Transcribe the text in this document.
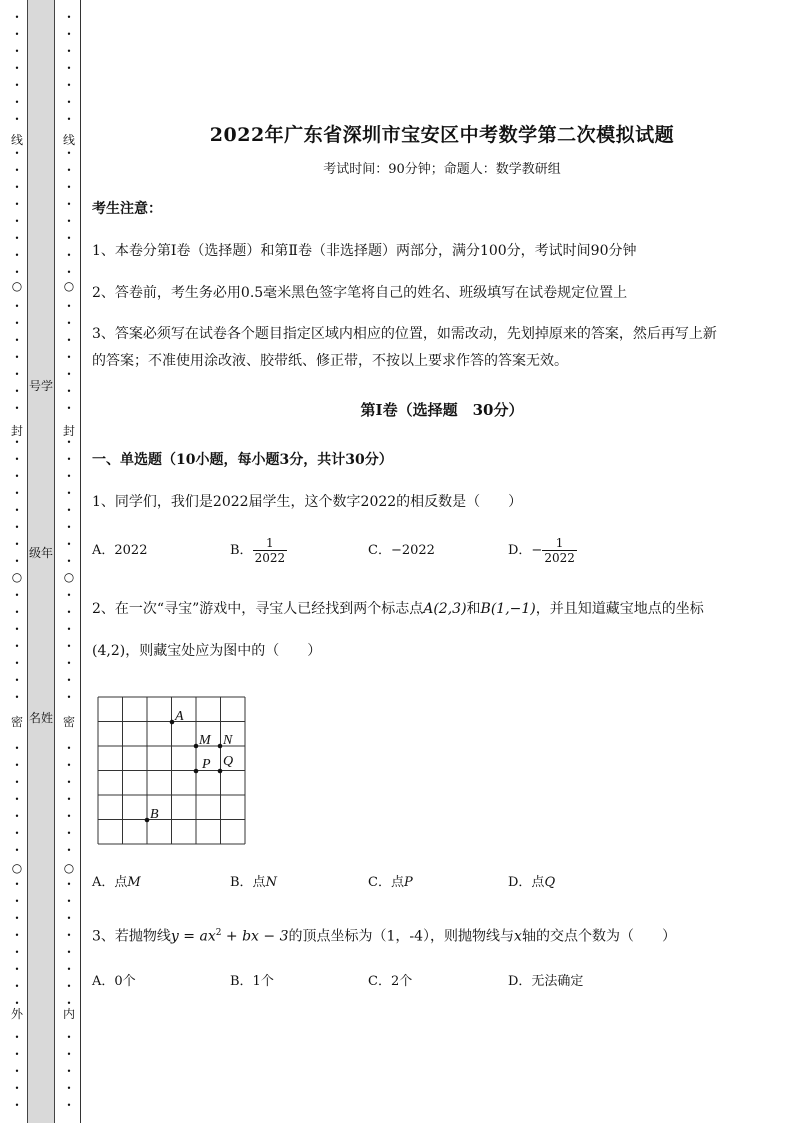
•
•
•
•
•
•
•
•
•
•
•
•
•
•
•
•
•
•
•
•
•
•
•
•
•
•
•
•
•
•
•
•
•
•
•
•
•
•
•
•
•
•
•
•
•
•
•
•
•
•
•
•
•
•
•
•
•
线
○
封
○
密
○
外
•
•
•
•
•
•
•
•
•
•
•
•
•
•
•
•
•
•
•
•
•
•
•
•
•
•
•
•
•
•
•
•
•
•
•
•
•
•
•
•
•
•
•
•
•
•
•
•
•
•
•
•
•
•
•
•
•
线
○
封
○
密
○
内
号学
级年
名姓
2022年广东省深圳市宝安区中考数学第二次模拟试题
考试时间：90分钟；命题人：数学教研组
考生注意：
1、本卷分第I卷（选择题）和第Ⅱ卷（非选择题）两部分，满分100分，考试时间90分钟
2、答卷前，考生务必用0.5毫米黑色签字笔将自己的姓名、班级填写在试卷规定位置上
3、答案必须写在试卷各个题目指定区域内相应的位置，如需改动，先划掉原来的答案，然后再写上新
的答案；不准使用涂改液、胶带纸、修正带，不按以上要求作答的答案无效。
第I卷（选择题　30分）
一、单选题（10小题，每小题3分，共计30分）
1、同学们，我们是2022届学生，这个数字2022的相反数是（　　）
A．2022	B． $\frac{1}{2022}$	C．−2022	D．− $\frac{1}{2022}$
2、在一次“寻宝”游戏中，寻宝人已经找到两个标志点A(2,3)和B(1,−1)，并且知道藏宝地点的坐标
(4,2)，则藏宝处应为图中的（　　）
A
B
M N
P Q
A．点M	B．点N	C．点P	D．点Q
3、若抛物线$y = ax^2$ + bx − 3的顶点坐标为（1，-4），则抛物线与x轴的交点个数为（　　）
A．0个	B．1个	C．2个	D．无法确定
